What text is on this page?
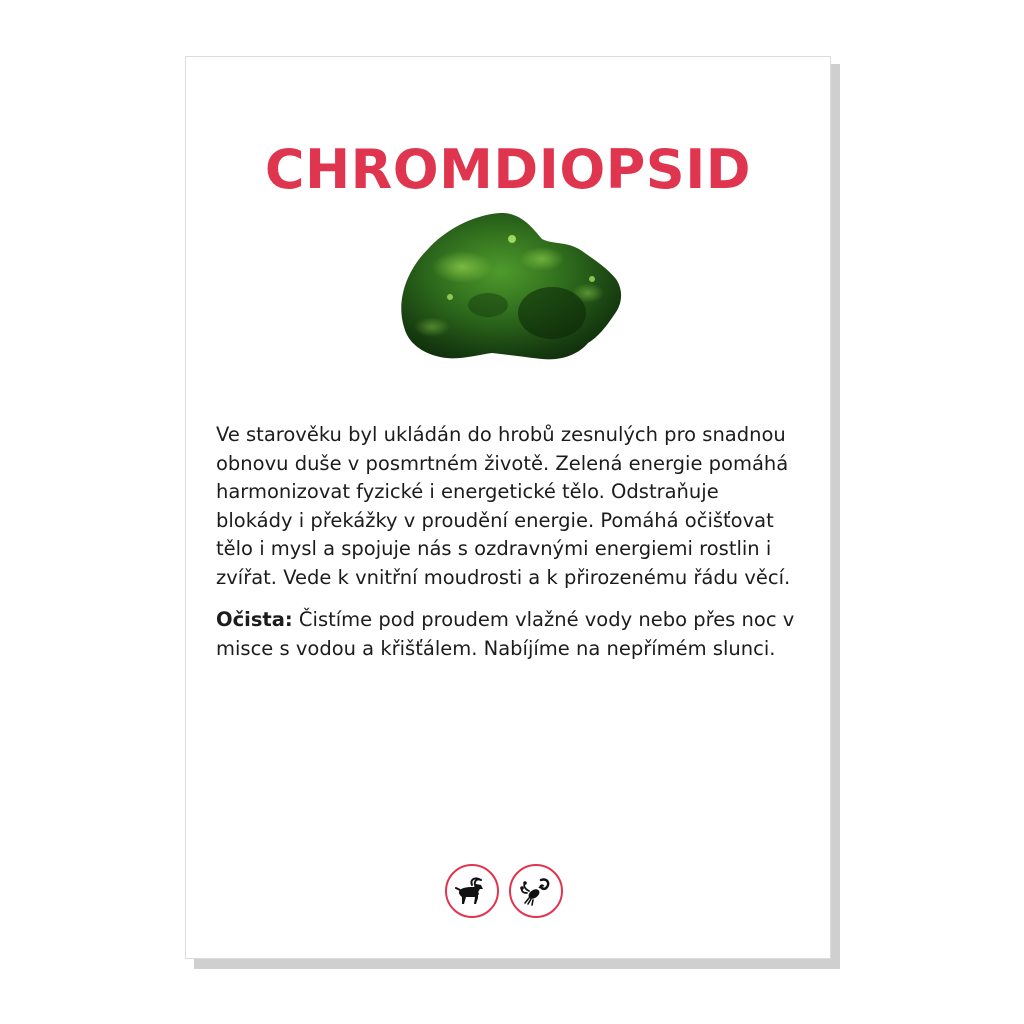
CHROMDIOPSID

Ve starověku byl ukládán do hrobů zesnulých pro snadnou obnovu duše v posmrtném životě. Zelená energie pomáhá harmonizovat fyzické i energetické tělo. Odstraňuje blokády i překážky v proudění energie. Pomáhá očišťovat tělo i mysl a spojuje nás s ozdravnými energiemi rostlin i zvířat. Vede k vnitřní moudrosti a k přirozenému řádu věcí.

Očista: Čistíme pod proudem vlažné vody nebo přes noc v misce s vodou a křišťálem. Nabíjíme na nepřímém slunci.
